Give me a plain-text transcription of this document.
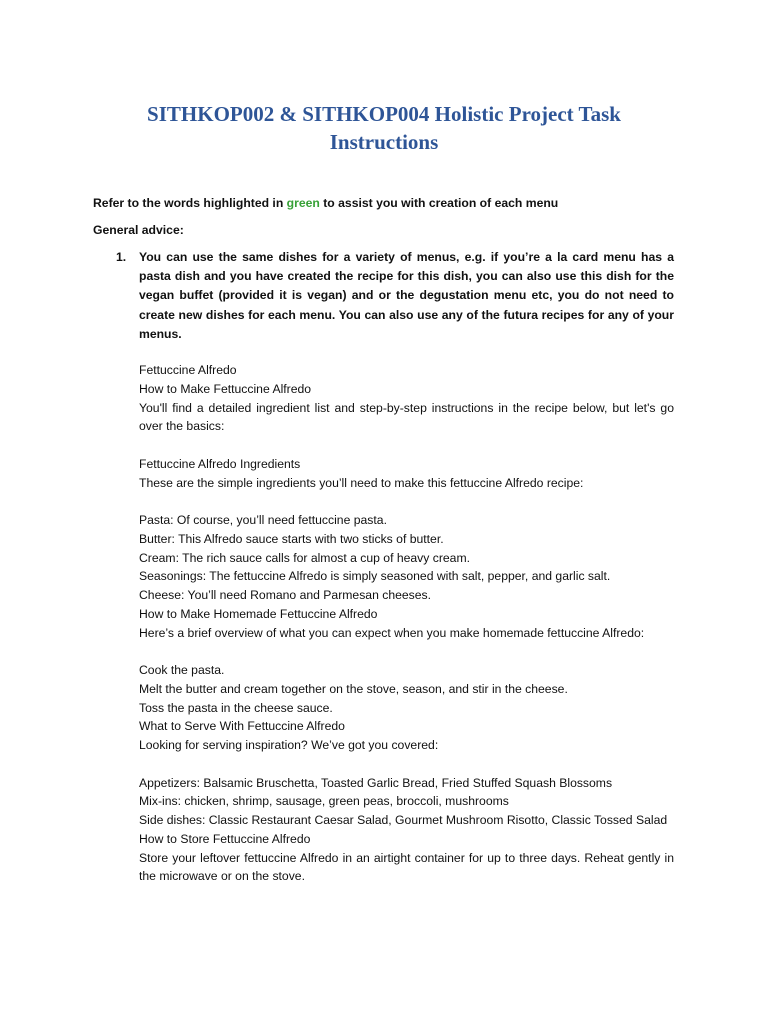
SITHKOP002 & SITHKOP004 Holistic Project Task
Instructions

Refer to the words highlighted in green to assist you with creation of each menu

General advice:

1. You can use the same dishes for a variety of menus, e.g. if you’re a la card menu has a pasta dish and you have created the recipe for this dish, you can also use this dish for the vegan buffet (provided it is vegan) and or the degustation menu etc, you do not need to create new dishes for each menu. You can also use any of the futura recipes for any of your menus.

Fettuccine Alfredo
How to Make Fettuccine Alfredo
You'll find a detailed ingredient list and step-by-step instructions in the recipe below, but let's go over the basics:
Fettuccine Alfredo Ingredients
These are the simple ingredients you’ll need to make this fettuccine Alfredo recipe:
Pasta: Of course, you’ll need fettuccine pasta.
Butter: This Alfredo sauce starts with two sticks of butter.
Cream: The rich sauce calls for almost a cup of heavy cream.
Seasonings: The fettuccine Alfredo is simply seasoned with salt, pepper, and garlic salt.
Cheese: You’ll need Romano and Parmesan cheeses.
How to Make Homemade Fettuccine Alfredo
Here’s a brief overview of what you can expect when you make homemade fettuccine Alfredo:
Cook the pasta.
Melt the butter and cream together on the stove, season, and stir in the cheese.
Toss the pasta in the cheese sauce.
What to Serve With Fettuccine Alfredo
Looking for serving inspiration? We’ve got you covered:
Appetizers: Balsamic Bruschetta, Toasted Garlic Bread, Fried Stuffed Squash Blossoms
Mix-ins: chicken, shrimp, sausage, green peas, broccoli, mushrooms
Side dishes: Classic Restaurant Caesar Salad, Gourmet Mushroom Risotto, Classic Tossed Salad
How to Store Fettuccine Alfredo
Store your leftover fettuccine Alfredo in an airtight container for up to three days. Reheat gently in the microwave or on the stove.
